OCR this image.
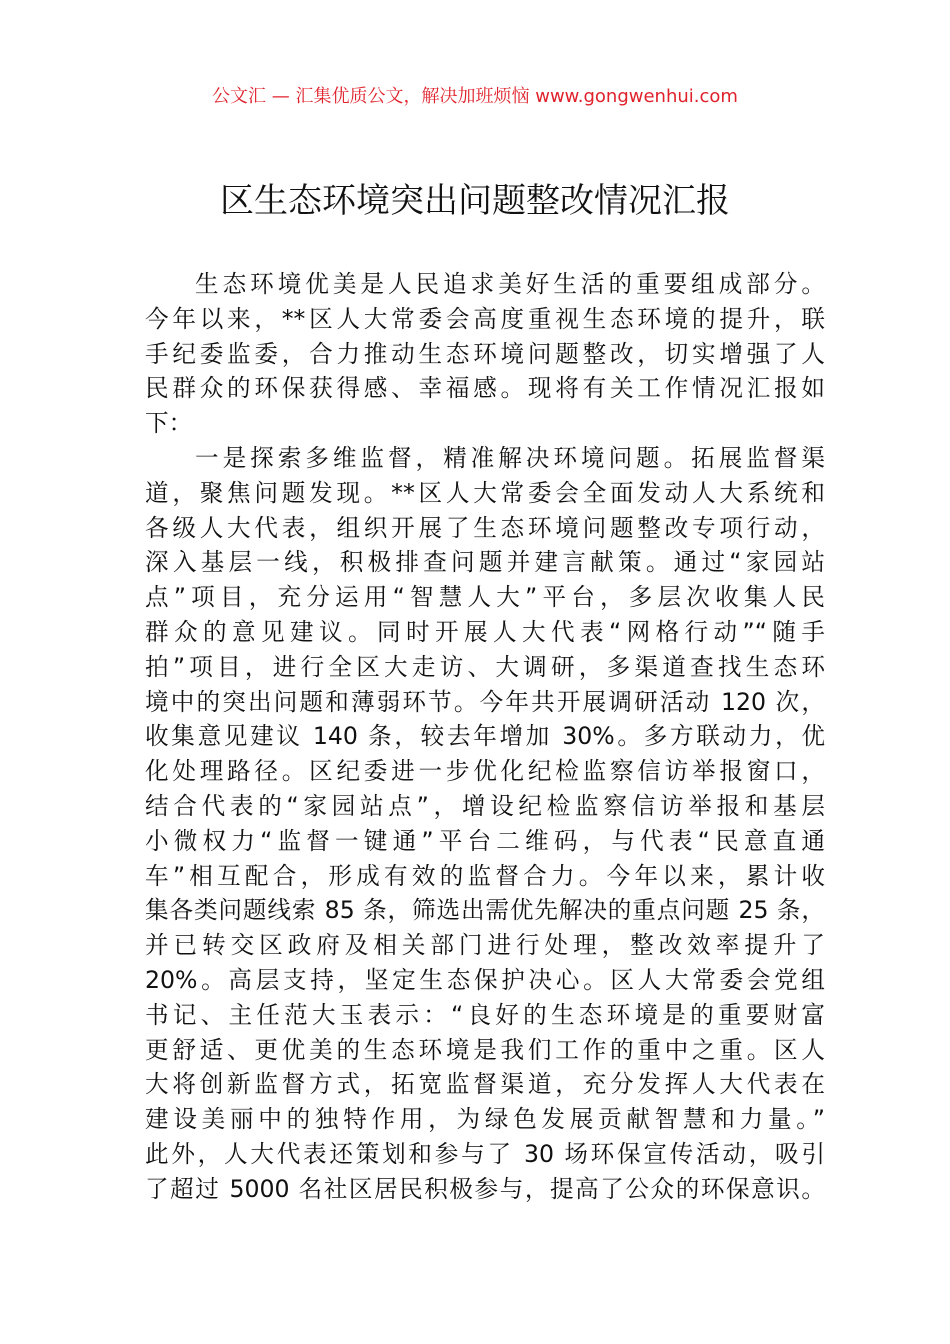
公文汇 — 汇集优质公文，解决加班烦恼 www.gongwenhui.com
区生态环境突出问题整改情况汇报
生态环境优美是人民追求美好生活的重要组成部分。
今年以来，**区人大常委会高度重视生态环境的提升，联
手纪委监委，合力推动生态环境问题整改，切实增强了人
民群众的环保获得感、幸福感。现将有关工作情况汇报如
下：
一是探索多维监督，精准解决环境问题。拓展监督渠
道，聚焦问题发现。**区人大常委会全面发动人大系统和
各级人大代表，组织开展了生态环境问题整改专项行动，
深入基层一线，积极排查问题并建言献策。通过“家园站
点”项目，充分运用“智慧人大”平台，多层次收集人民
群众的意见建议。同时开展人大代表“网格行动”“随手
拍”项目，进行全区大走访、大调研，多渠道查找生态环
境中的突出问题和薄弱环节。今年共开展调研活动 120 次，
收集意见建议 140 条，较去年增加 30%。多方联动力，优
化处理路径。区纪委进一步优化纪检监察信访举报窗口，
结合代表的“家园站点”，增设纪检监察信访举报和基层
小微权力“监督一键通”平台二维码，与代表“民意直通
车”相互配合，形成有效的监督合力。今年以来，累计收
集各类问题线索 85 条，筛选出需优先解决的重点问题 25 条，
并已转交区政府及相关部门进行处理，整改效率提升了
20%。高层支持，坚定生态保护决心。区人大常委会党组
书记、主任范大玉表示：“良好的生态环境是的重要财富
更舒适、更优美的生态环境是我们工作的重中之重。区人
大将创新监督方式，拓宽监督渠道，充分发挥人大代表在
建设美丽中的独特作用，为绿色发展贡献智慧和力量。”
此外，人大代表还策划和参与了 30 场环保宣传活动，吸引
了超过 5000 名社区居民积极参与，提高了公众的环保意识。
